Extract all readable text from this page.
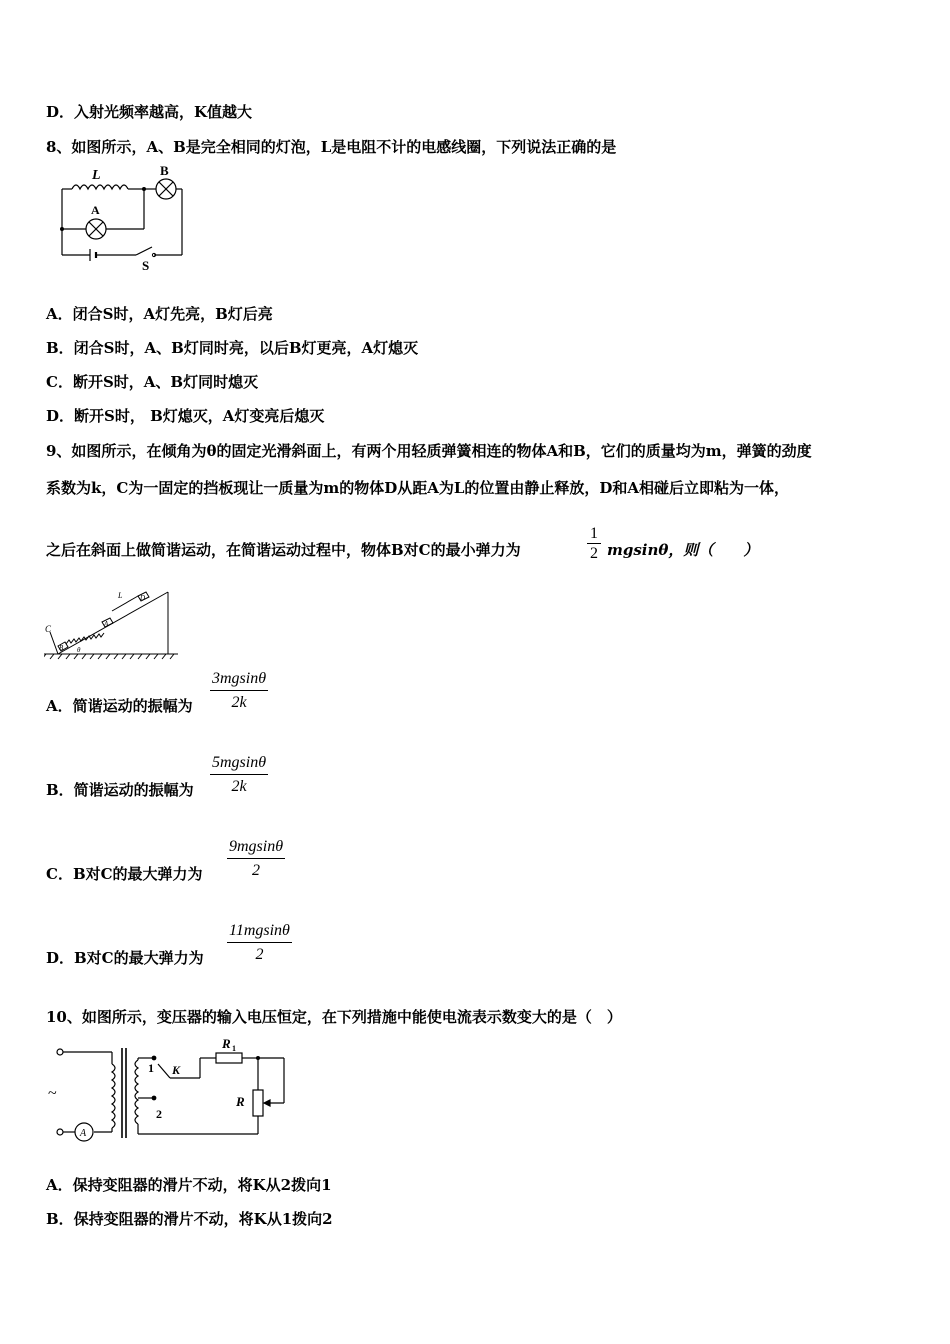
D．入射光频率越高，K值越大
8、如图所示，A、B是完全相同的灯泡，L是电阻不计的电感线圈，下列说法正确的是
L	B
A
S
A．闭合S时，A灯先亮，B灯后亮
B．闭合S时，A、B灯同时亮，以后B灯更亮，A灯熄灭
C．断开S时，A、B灯同时熄灭
D．断开S时， B灯熄灭，A灯变亮后熄灭
9、如图所示，在倾角为θ的固定光滑斜面上，有两个用轻质弹簧相连的物体A和B，它们的质量均为m，弹簧的劲度
系数为k，C为一固定的挡板现让一质量为m的物体D从距A为L的位置由静止释放，D和A相碰后立即粘为一体，
之后在斜面上做简谐运动，在简谐运动过程中，物体B对C的最小弹力为	$\frac{1}{2}$ mgsinθ，则（　　）
C
B
A
D
L
θ
A．简谐运动的振幅为 $\frac{3mgsin\theta}{2k}$
B．简谐运动的振幅为 $\frac{5mgsin\theta}{2k}$
C．B对C的最大弹力为 $\frac{9mgsin\theta}{2}$
D．B对C的最大弹力为 $\frac{11mgsin\theta}{2}$
10、如图所示，变压器的输入电压恒定，在下列措施中能使电流表示数变大的是（　）
~
A
K
1
2
R 1
R
A．保持变阻器的滑片不动，将K从2拨向1
B．保持变阻器的滑片不动，将K从1拨向2
